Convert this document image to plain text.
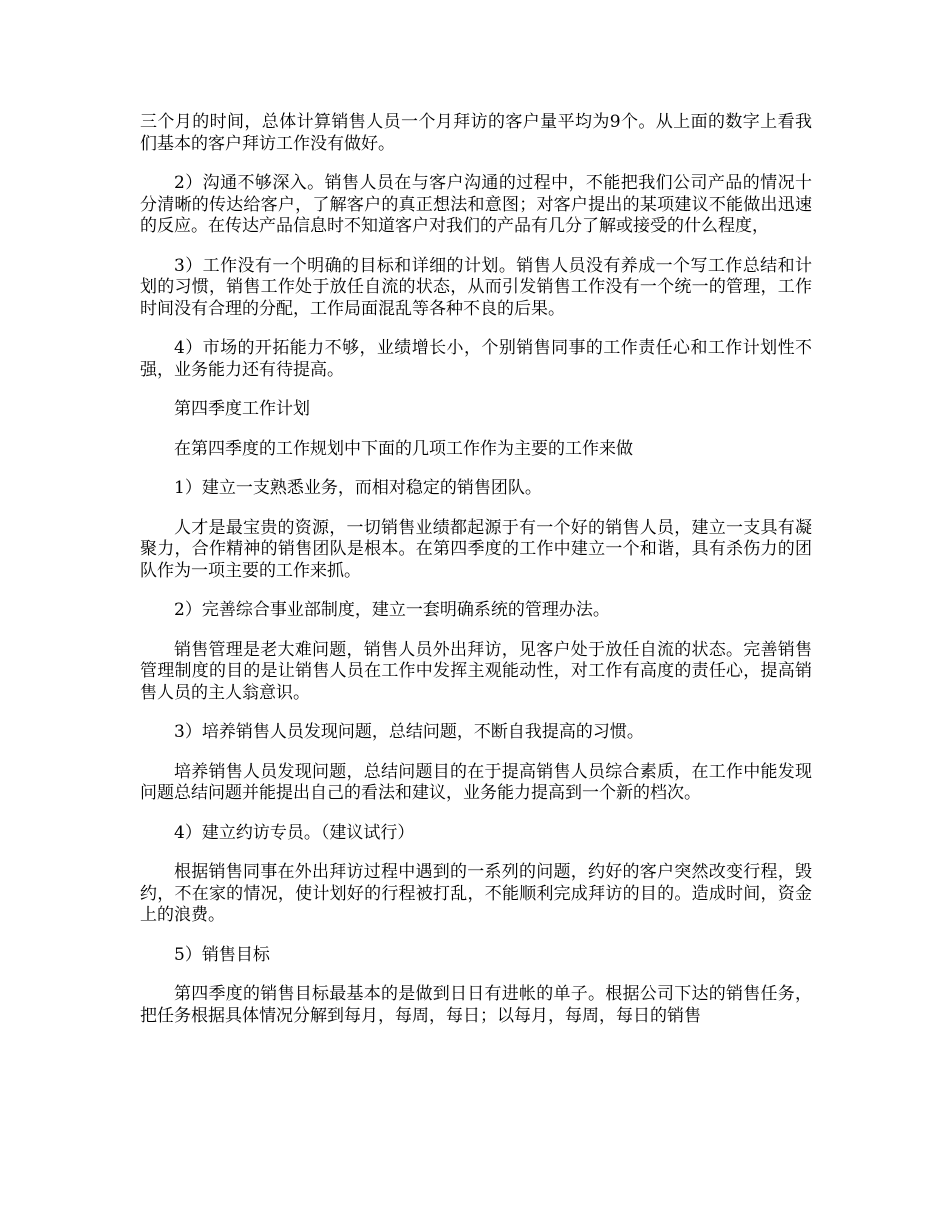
三个月的时间，总体计算销售人员一个月拜访的客户量平均为9个。从上面的数字上看我们基本的客户拜访工作没有做好。

2）沟通不够深入。销售人员在与客户沟通的过程中，不能把我们公司产品的情况十分清晰的传达给客户，了解客户的真正想法和意图；对客户提出的某项建议不能做出迅速的反应。在传达产品信息时不知道客户对我们的产品有几分了解或接受的什么程度，

3）工作没有一个明确的目标和详细的计划。销售人员没有养成一个写工作总结和计划的习惯，销售工作处于放任自流的状态，从而引发销售工作没有一个统一的管理，工作时间没有合理的分配，工作局面混乱等各种不良的后果。

4）市场的开拓能力不够，业绩增长小，个别销售同事的工作责任心和工作计划性不强，业务能力还有待提高。

第四季度工作计划

在第四季度的工作规划中下面的几项工作作为主要的工作来做

1）建立一支熟悉业务，而相对稳定的销售团队。

人才是最宝贵的资源，一切销售业绩都起源于有一个好的销售人员，建立一支具有凝聚力，合作精神的销售团队是根本。在第四季度的工作中建立一个和谐，具有杀伤力的团队作为一项主要的工作来抓。

2）完善综合事业部制度，建立一套明确系统的管理办法。

销售管理是老大难问题，销售人员外出拜访，见客户处于放任自流的状态。完善销售管理制度的目的是让销售人员在工作中发挥主观能动性，对工作有高度的责任心，提高销售人员的主人翁意识。

3）培养销售人员发现问题，总结问题，不断自我提高的习惯。

培养销售人员发现问题，总结问题目的在于提高销售人员综合素质，在工作中能发现问题总结问题并能提出自己的看法和建议，业务能力提高到一个新的档次。

4）建立约访专员。（建议试行）

根据销售同事在外出拜访过程中遇到的一系列的问题，约好的客户突然改变行程，毁约，不在家的情况，使计划好的行程被打乱，不能顺利完成拜访的目的。造成时间，资金上的浪费。

5）销售目标

第四季度的销售目标最基本的是做到日日有进帐的单子。根据公司下达的销售任务，把任务根据具体情况分解到每月，每周，每日；以每月，每周，每日的销售
